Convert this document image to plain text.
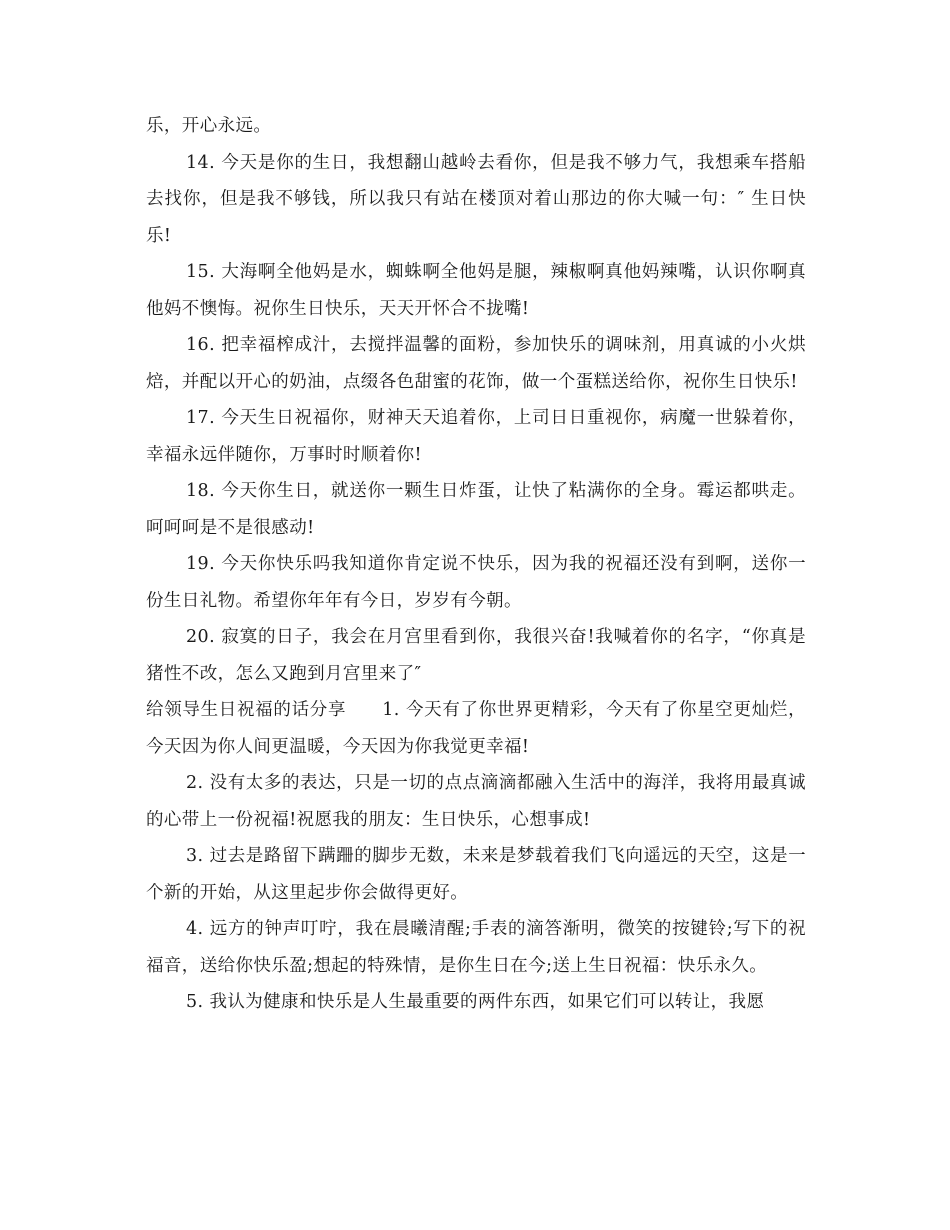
乐，开心永远。

14. 今天是你的生日，我想翻山越岭去看你，但是我不够力气，我想乘车搭船去找你，但是我不够钱，所以我只有站在楼顶对着山那边的你大喊一句：″ 生日快乐!

15. 大海啊全他妈是水，蜘蛛啊全他妈是腿，辣椒啊真他妈辣嘴，认识你啊真他妈不懊悔。祝你生日快乐，天天开怀合不拢嘴!

16. 把幸福榨成汁，去搅拌温馨的面粉，参加快乐的调味剂，用真诚的小火烘焙，并配以开心的奶油，点缀各色甜蜜的花饰，做一个蛋糕送给你，祝你生日快乐!

17. 今天生日祝福你，财神天天追着你，上司日日重视你，病魔一世躲着你，幸福永远伴随你，万事时时顺着你!

18. 今天你生日，就送你一颗生日炸蛋，让快了粘满你的全身。霉运都哄走。呵呵呵是不是很感动!

19. 今天你快乐吗我知道你肯定说不快乐，因为我的祝福还没有到啊，送你一份生日礼物。希望你年年有今日，岁岁有今朝。

20. 寂寞的日子，我会在月宫里看到你，我很兴奋!我喊着你的名字，“你真是猪性不改，怎么又跑到月宫里来了″

给领导生日祝福的话分享 1. 今天有了你世界更精彩，今天有了你星空更灿烂，今天因为你人间更温暖，今天因为你我觉更幸福!

2. 没有太多的表达，只是一切的点点滴滴都融入生活中的海洋，我将用最真诚的心带上一份祝福!祝愿我的朋友：生日快乐，心想事成!

3. 过去是路留下蹒跚的脚步无数，未来是梦载着我们飞向遥远的天空，这是一个新的开始，从这里起步你会做得更好。

4. 远方的钟声叮咛，我在晨曦清醒;手表的滴答渐明，微笑的按键铃;写下的祝福音，送给你快乐盈;想起的特殊情，是你生日在今;送上生日祝福：快乐永久。

5. 我认为健康和快乐是人生最重要的两件东西，如果它们可以转让，我愿
